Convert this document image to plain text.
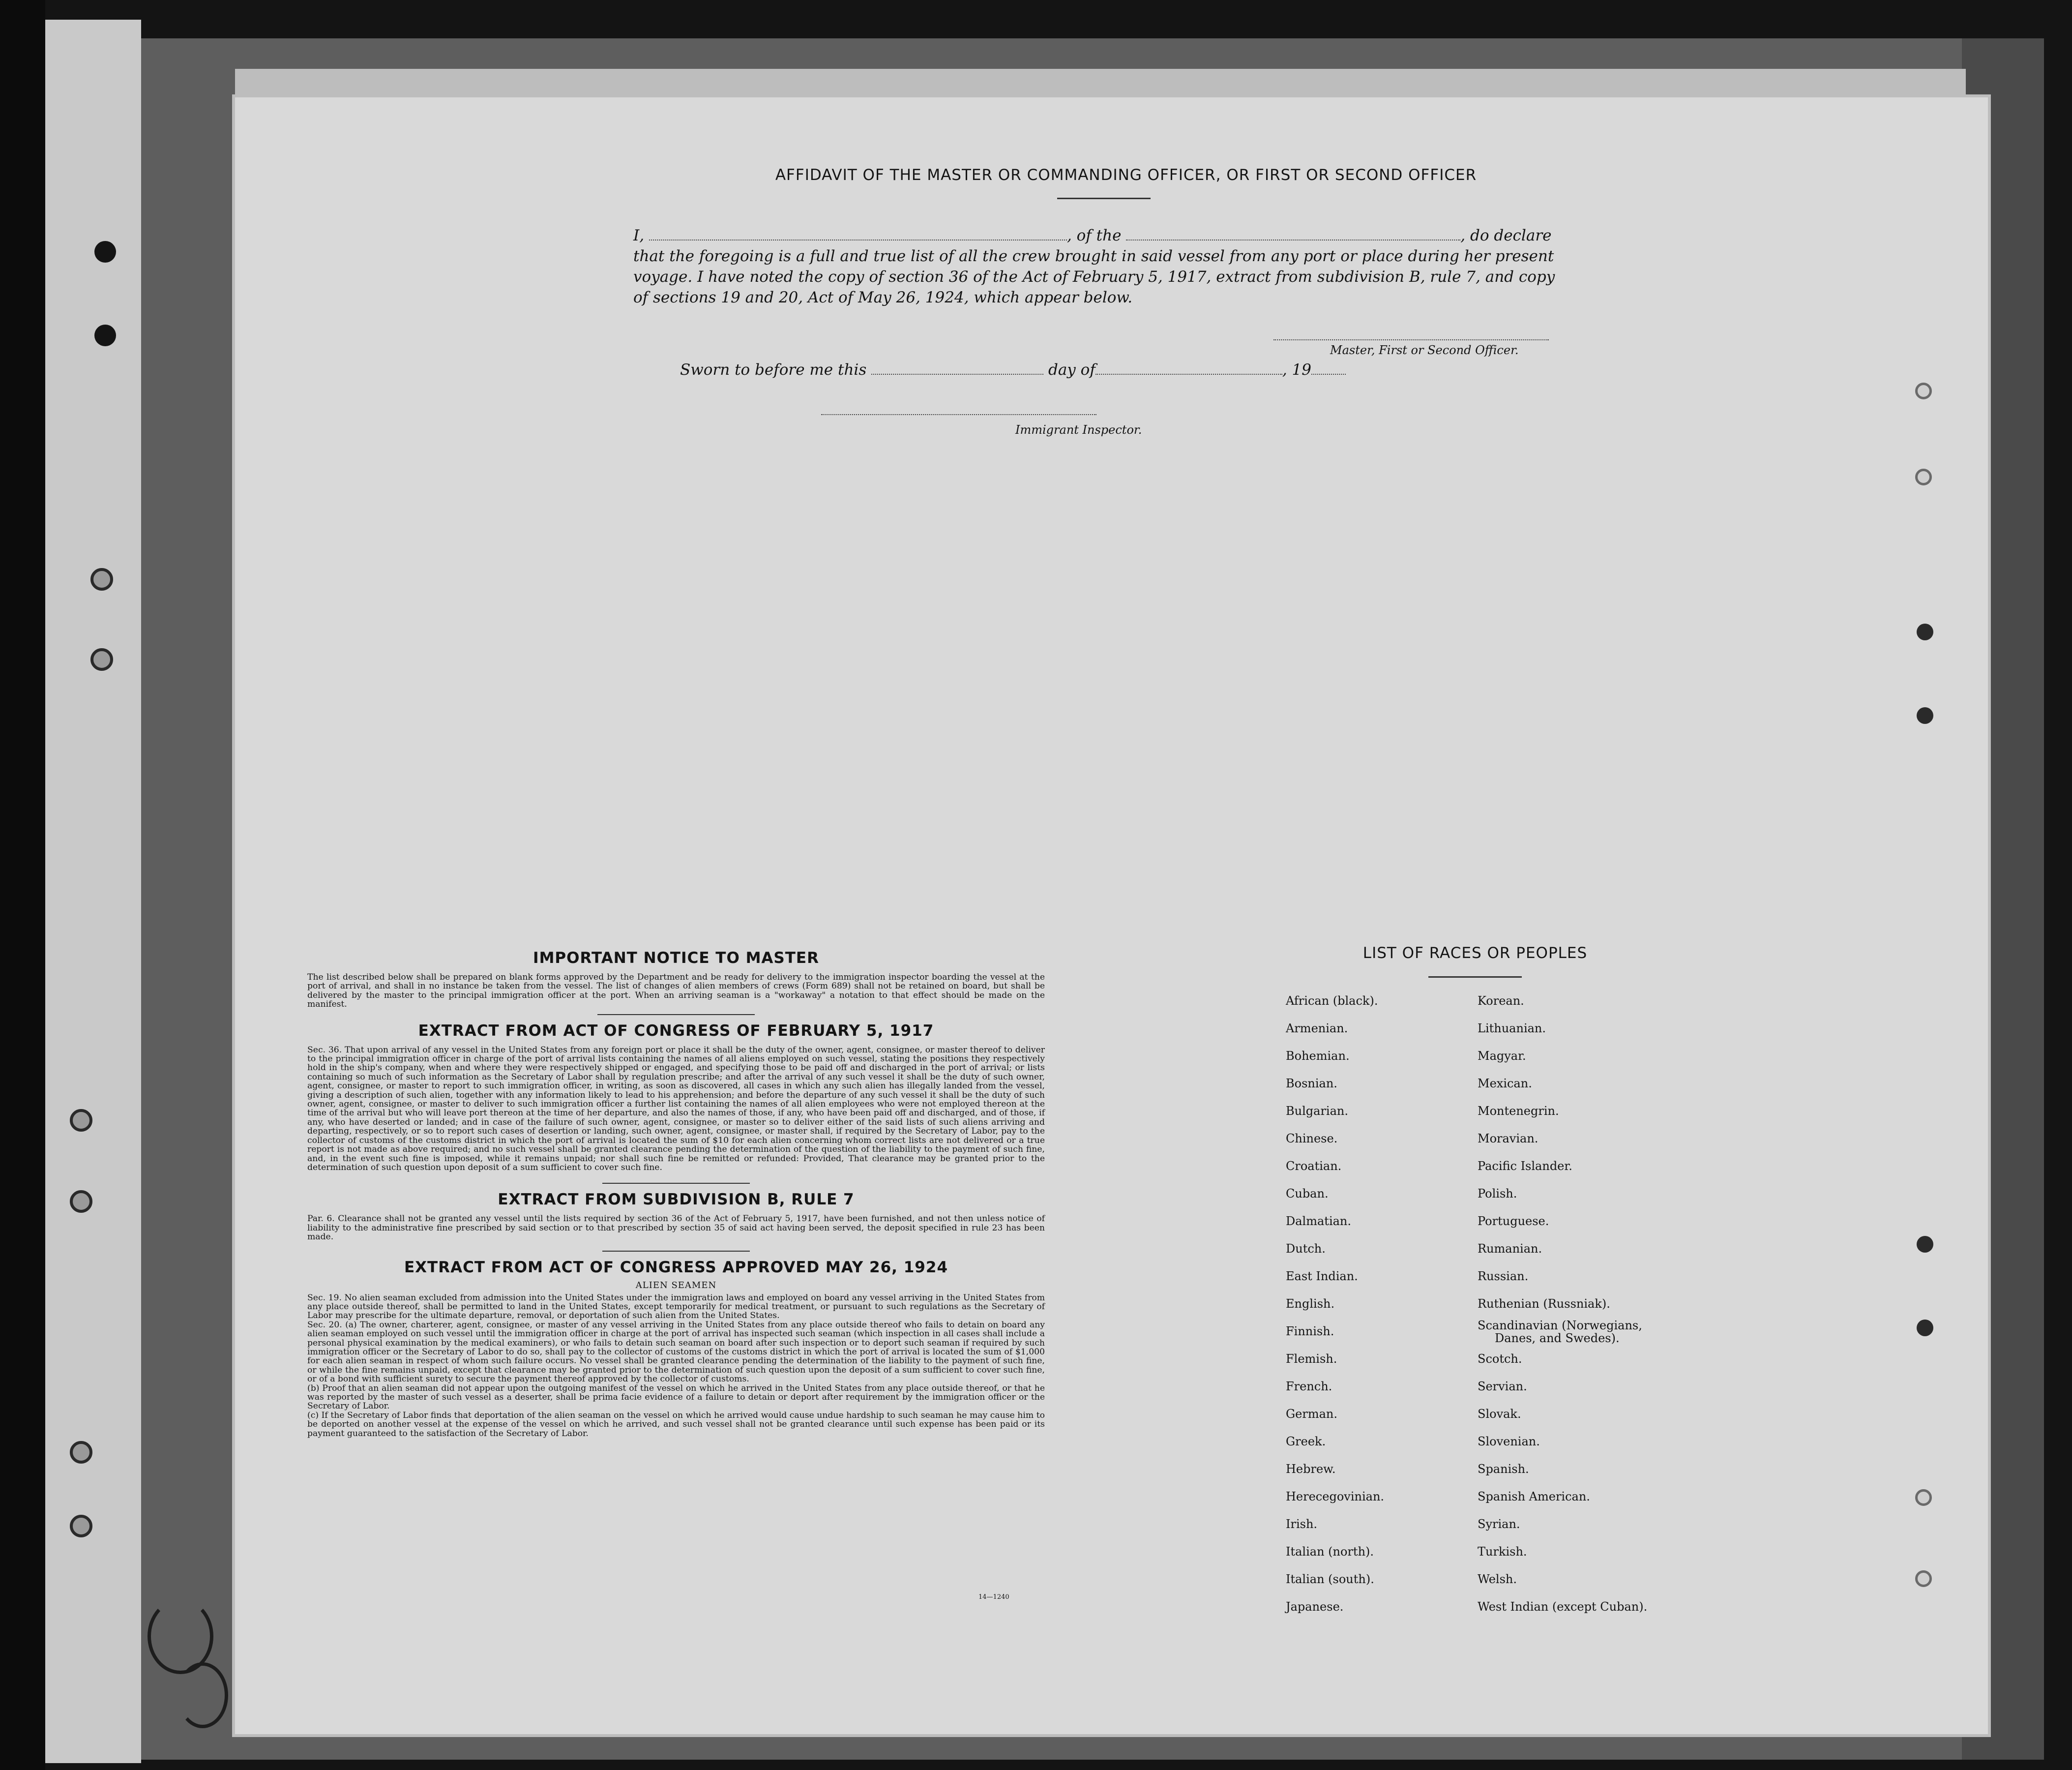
AFFIDAVIT OF THE MASTER OR COMMANDING OFFICER, OR FIRST OR SECOND OFFICER
I,	, of the	, do declare
that the foregoing is a full and true list of all the crew brought in said vessel from any port or place during her present
voyage. I have noted the copy of section 36 of the Act of February 5, 1917, extract from subdivision B, rule 7, and copy
of sections 19 and 20, Act of May 26, 1924, which appear below.
Master, First or Second Officer.
Sworn to before me this	day of	, 19
Immigrant Inspector.
IMPORTANT NOTICE TO MASTER

The list described below shall be prepared on blank forms approved by the Department and be ready for delivery to the immigration inspector boarding the vessel at the port of arrival, and shall in no instance be taken from the vessel. The list of changes of alien members of crews (Form 689) shall not be retained on board, but shall be delivered by the master to the principal immigration officer at the port. When an arriving seaman is a "workaway" a notation to that effect should be made on the manifest.

EXTRACT FROM ACT OF CONGRESS OF FEBRUARY 5, 1917

Sec. 36. That upon arrival of any vessel in the United States from any foreign port or place it shall be the duty of the owner, agent, consignee, or master thereof to deliver to the principal immigration officer in charge of the port of arrival lists containing the names of all aliens employed on such vessel, stating the positions they respectively hold in the ship's company, when and where they were respectively shipped or engaged, and specifying those to be paid off and discharged in the port of arrival; or lists containing so much of such information as the Secretary of Labor shall by regulation prescribe; and after the arrival of any such vessel it shall be the duty of such owner, agent, consignee, or master to report to such immigration officer, in writing, as soon as discovered, all cases in which any such alien has illegally landed from the vessel, giving a description of such alien, together with any information likely to lead to his apprehension; and before the departure of any such vessel it shall be the duty of such owner, agent, consignee, or master to deliver to such immigration officer a further list containing the names of all alien employees who were not employed thereon at the time of the arrival but who will leave port thereon at the time of her departure, and also the names of those, if any, who have been paid off and discharged, and of those, if any, who have deserted or landed; and in case of the failure of such owner, agent, consignee, or master so to deliver either of the said lists of such aliens arriving and departing, respectively, or so to report such cases of desertion or landing, such owner, agent, consignee, or master shall, if required by the Secretary of Labor, pay to the collector of customs of the customs district in which the port of arrival is located the sum of $10 for each alien concerning whom correct lists are not delivered or a true report is not made as above required; and no such vessel shall be granted clearance pending the determination of the question of the liability to the payment of such fine, and, in the event such fine is imposed, while it remains unpaid; nor shall such fine be remitted or refunded: Provided, That clearance may be granted prior to the determination of such question upon deposit of a sum sufficient to cover such fine.

EXTRACT FROM SUBDIVISION B, RULE 7

Par. 6. Clearance shall not be granted any vessel until the lists required by section 36 of the Act of February 5, 1917, have been furnished, and not then unless notice of liability to the administrative fine prescribed by said section or to that prescribed by section 35 of said act having been served, the deposit specified in rule 23 has been made.

EXTRACT FROM ACT OF CONGRESS APPROVED MAY 26, 1924
ALIEN SEAMEN

Sec. 19. No alien seaman excluded from admission into the United States under the immigration laws and employed on board any vessel arriving in the United States from any place outside thereof, shall be permitted to land in the United States, except temporarily for medical treatment, or pursuant to such regulations as the Secretary of Labor may prescribe for the ultimate departure, removal, or deportation of such alien from the United States.

Sec. 20. (a) The owner, charterer, agent, consignee, or master of any vessel arriving in the United States from any place outside thereof who fails to detain on board any alien seaman employed on such vessel until the immigration officer in charge at the port of arrival has inspected such seaman (which inspection in all cases shall include a personal physical examination by the medical examiners), or who fails to detain such seaman on board after such inspection or to deport such seaman if required by such immigration officer or the Secretary of Labor to do so, shall pay to the collector of customs of the customs district in which the port of arrival is located the sum of $1,000 for each alien seaman in respect of whom such failure occurs. No vessel shall be granted clearance pending the determination of the liability to the payment of such fine, or while the fine remains unpaid, except that clearance may be granted prior to the determination of such question upon the deposit of a sum sufficient to cover such fine, or of a bond with sufficient surety to secure the payment thereof approved by the collector of customs.

(b) Proof that an alien seaman did not appear upon the outgoing manifest of the vessel on which he arrived in the United States from any place outside thereof, or that he was reported by the master of such vessel as a deserter, shall be prima facie evidence of a failure to detain or deport after requirement by the immigration officer or the Secretary of Labor.

(c) If the Secretary of Labor finds that deportation of the alien seaman on the vessel on which he arrived would cause undue hardship to such seaman he may cause him to be deported on another vessel at the expense of the vessel on which he arrived, and such vessel shall not be granted clearance until such expense has been paid or its payment guaranteed to the satisfaction of the Secretary of Labor.

14—1240
LIST OF RACES OR PEOPLES
African (black).
Armenian.
Bohemian.
Bosnian.
Bulgarian.
Chinese.
Croatian.
Cuban.
Dalmatian.
Dutch.
East Indian.
English.
Finnish.
Flemish.
French.
German.
Greek.
Hebrew.
Herecegovinian.
Irish.
Italian (north).
Italian (south).
Japanese.
Korean.
Lithuanian.
Magyar.
Mexican.
Montenegrin.
Moravian.
Pacific Islander.
Polish.
Portuguese.
Rumanian.
Russian.
Ruthenian (Russniak).
Scandinavian (Norwegians,
Danes, and Swedes).
Scotch.
Servian.
Slovak.
Slovenian.
Spanish.
Spanish American.
Syrian.
Turkish.
Welsh.
West Indian (except Cuban).
